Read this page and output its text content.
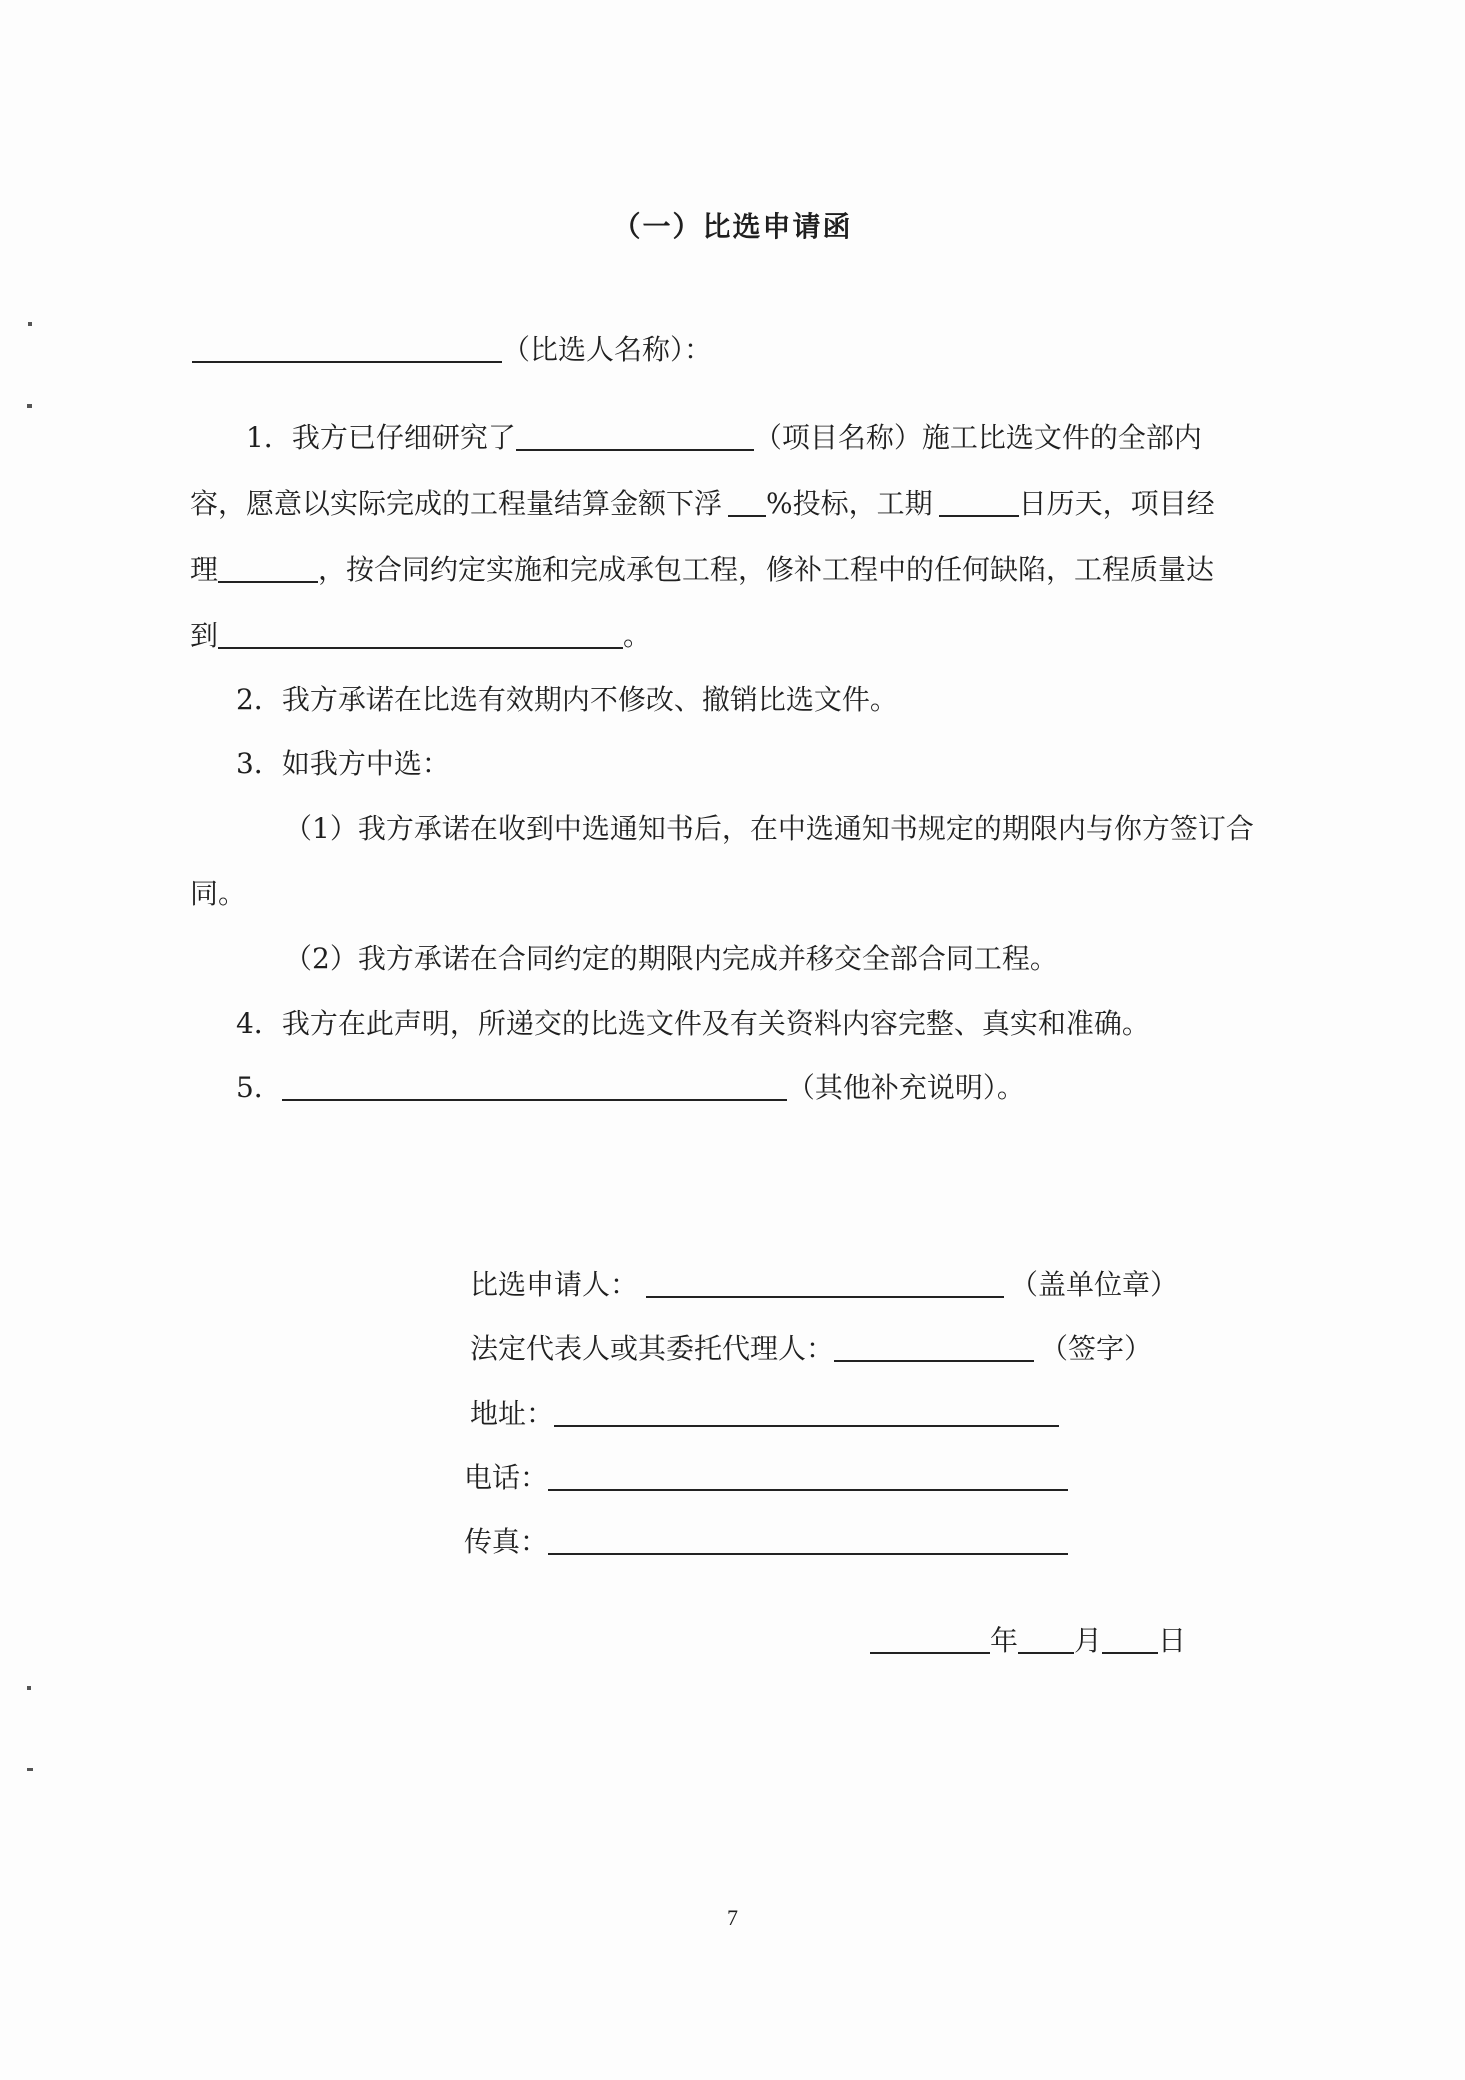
（一）比选申请函
（比选人名称）：
1．我方已仔细研究了	（项目名称）施工比选文件的全部内
容，愿意以实际完成的工程量结算金额下浮 %投标，工期	日历天，项目经
理	，按合同约定实施和完成承包工程，修补工程中的任何缺陷，工程质量达
到	。
2．我方承诺在比选有效期内不修改、撤销比选文件。
3．如我方中选：
（1）我方承诺在收到中选通知书后，在中选通知书规定的期限内与你方签订合
同。
（2）我方承诺在合同约定的期限内完成并移交全部合同工程。
4．我方在此声明，所递交的比选文件及有关资料内容完整、真实和准确。
5．	（其他补充说明）。
比选申请人：	（盖单位章）
法定代表人或其委托代理人：	（签字）
地址：
电话：
传真：
年 月 日
7
